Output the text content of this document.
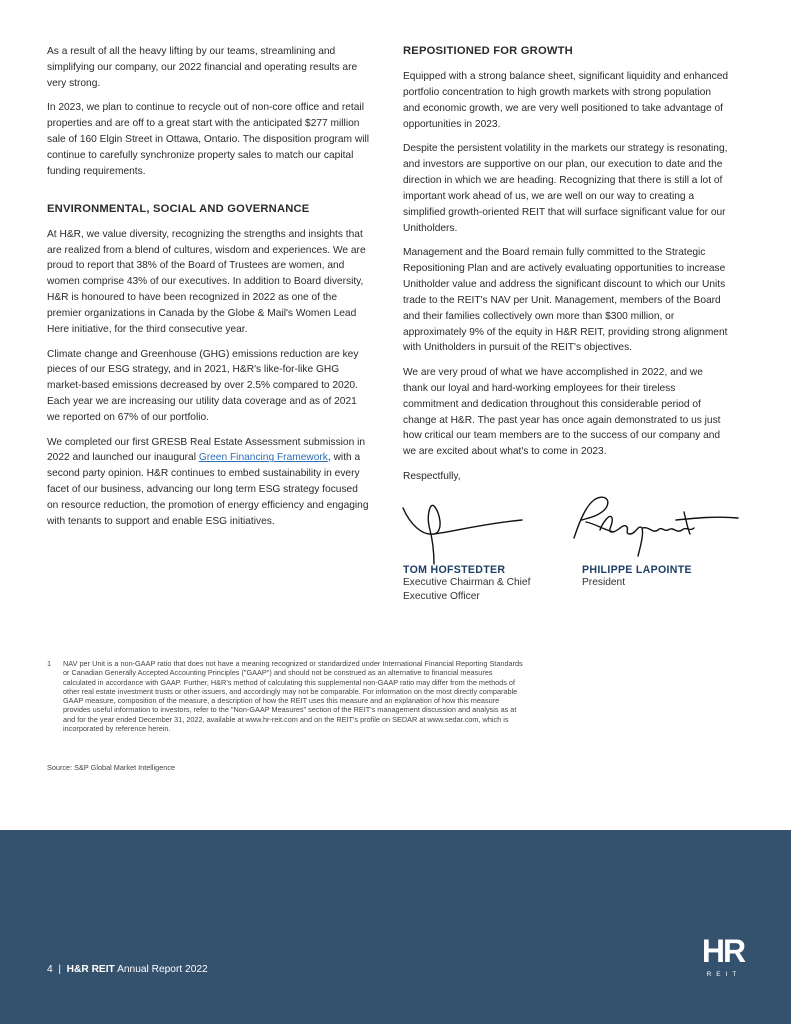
As a result of all the heavy lifting by our teams, streamlining and simplifying our company, our 2022 financial and operating results are very strong.

In 2023, we plan to continue to recycle out of non-core office and retail properties and are off to a great start with the anticipated $277 million sale of 160 Elgin Street in Ottawa, Ontario. The disposition program will continue to carefully synchronize property sales to match our capital funding requirements.

ENVIRONMENTAL, SOCIAL AND GOVERNANCE

At H&R, we value diversity, recognizing the strengths and insights that are realized from a blend of cultures, wisdom and experiences. We are proud to report that 38% of the Board of Trustees are women, and women comprise 43% of our executives. In addition to Board diversity, H&R is honoured to have been recognized in 2022 as one of the premier organizations in Canada by the Globe & Mail's Women Lead Here initiative, for the third consecutive year.

Climate change and Greenhouse (GHG) emissions reduction are key pieces of our ESG strategy, and in 2021, H&R's like-for-like GHG market-based emissions decreased by over 2.5% compared to 2020. Each year we are increasing our utility data coverage and as of 2021 we reported on 67% of our portfolio.

We completed our first GRESB Real Estate Assessment submission in 2022 and launched our inaugural Green Financing Framework, with a second party opinion. H&R continues to embed sustainability in every facet of our business, advancing our long term ESG strategy focused on resource reduction, the promotion of energy efficiency and engaging with tenants to support and enable ESG initiatives.

REPOSITIONED FOR GROWTH

Equipped with a strong balance sheet, significant liquidity and enhanced portfolio concentration to high growth markets with strong population and economic growth, we are very well positioned to take advantage of opportunities in 2023.

Despite the persistent volatility in the markets our strategy is resonating, and investors are supportive on our plan, our execution to date and the direction in which we are heading. Recognizing that there is still a lot of important work ahead of us, we are well on our way to creating a simplified growth-oriented REIT that will surface significant value for our Unitholders.

Management and the Board remain fully committed to the Strategic Repositioning Plan and are actively evaluating opportunities to increase Unitholder value and address the significant discount to which our Units trade to the REIT's NAV per Unit. Management, members of the Board and their families collectively own more than $300 million, or approximately 9% of the equity in H&R REIT, providing strong alignment with Unitholders in pursuit of the REIT's objectives.

We are very proud of what we have accomplished in 2022, and we thank our loyal and hard-working employees for their tireless commitment and dedication throughout this considerable period of change at H&R. The past year has once again demonstrated to us just how critical our team members are to the success of our company and we are excited about what's to come in 2023.

Respectfully,

TOM HOFSTEDTER
Executive Chairman & Chief Executive Officer
PHILIPPE LAPOINTE
President
1 NAV per Unit is a non-GAAP ratio that does not have a meaning recognized or standardized under International Financial Reporting Standards or Canadian Generally Accepted Accounting Principles ("GAAP") and should not be construed as an alternative to financial measures calculated in accordance with GAAP. Further, H&R's method of calculating this supplemental non-GAAP ratio may differ from the methods of other real estate investment trusts or other issuers, and accordingly may not be comparable. For information on the most directly comparable GAAP measure, composition of the measure, a description of how the REIT uses this measure and an explanation of how this measure provides useful information to investors, refer to the "Non-GAAP Measures" section of the REIT's management discussion and analysis as at and for the year ended December 31, 2022, available at www.hr-reit.com and on the REIT's profile on SEDAR at www.sedar.com, which is incorporated by reference herein.
Source: S&P Global Market Intelligence
4 | H&R REIT Annual Report 2022
HR
REIT
